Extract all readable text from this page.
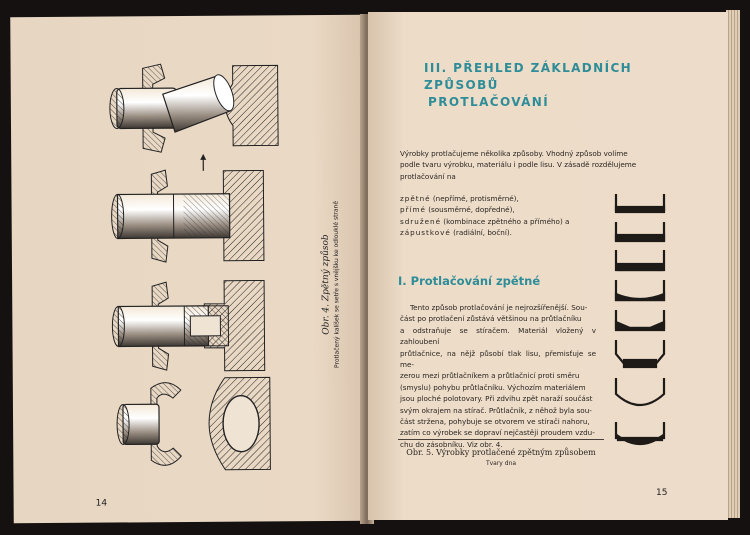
Obr. 4. Zpětný způsob Protlačený kalíšek se setře s vnějšku ke odlouklé straně
14
III. PŘEHLED ZÁKLADNÍCH ZPŮSOBŮ
PROTLAČOVÁNÍ
Výrobky protlačujeme několika způsoby. Vhodný způsob volíme
podle tvaru výrobku, materiálu i podle lisu. V zásadě rozdělujeme
protlačování na
zpětné (nepřímé, protisměrné),
přímé (sousměrné, dopředné),
sdružené (kombinace zpětného a přímého) a
zápustkové (radiální, boční).
I. Protlačování zpětné
Tento způsob protlačování je nejrozšířenější. Sou-
část po protlačení zůstává většinou na průtlačníku
a odstraňuje se stíračem. Materiál vložený v zahloubení
průtlačnice, na nějž působí tlak lisu, přemisťuje se me-
zerou mezi průtlačníkem a průtlačnicí proti směru
(smyslu) pohybu průtlačníku. Výchozím materiálem
jsou ploché polotovary. Při zdvihu zpět naraží součást
svým okrajem na stírač. Průtlačník, z něhož byla sou-
část stržena, pohybuje se otvorem ve stírači nahoru,
zatím co výrobek se dopraví nejčastěji proudem vzdu-
chu do zásobníku. Viz obr. 4.
Obr. 5. Výrobky protlačené zpětným způsobem
Tvary dna
15
